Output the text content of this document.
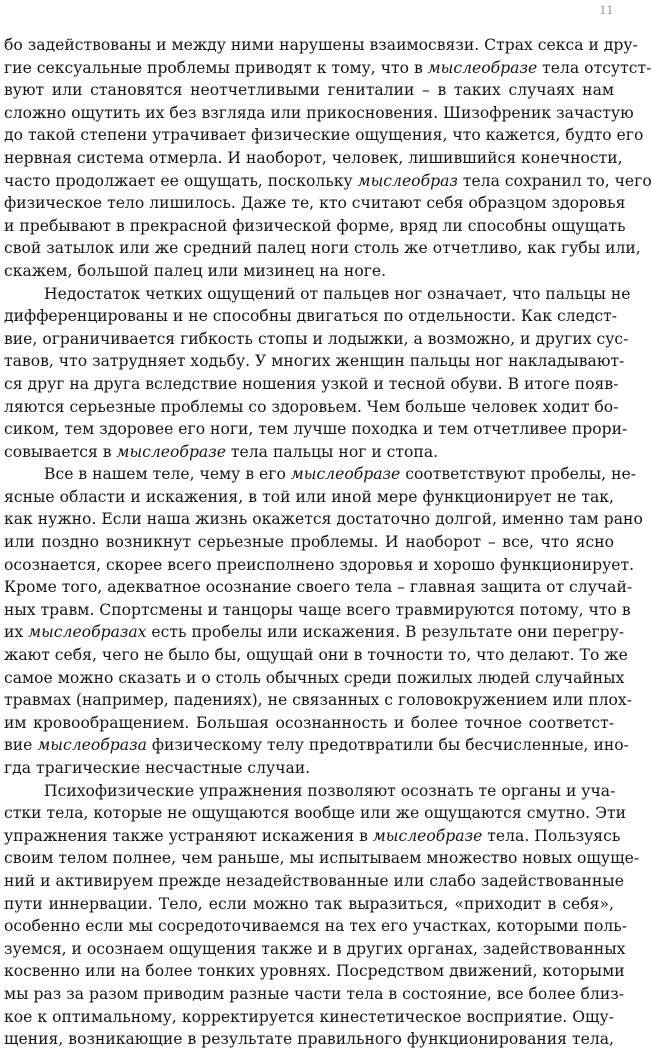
11
бо задействованы и между ними нарушены взаимосвязи. Страх секса и дру-
гие сексуальные проблемы приводят к тому, что в мыслеобразе тела отсутст-
вуют или становятся неотчетливыми гениталии – в таких случаях нам
сложно ощутить их без взгляда или прикосновения. Шизофреник зачастую
до такой степени утрачивает физические ощущения, что кажется, будто его
нервная система отмерла. И наоборот, человек, лишившийся конечности,
часто продолжает ее ощущать, поскольку мыслеобраз тела сохранил то, чего
физическое тело лишилось. Даже те, кто считают себя образцом здоровья
и пребывают в прекрасной физической форме, вряд ли способны ощущать
свой затылок или же средний палец ноги столь же отчетливо, как губы или,
скажем, большой палец или мизинец на ноге.
Недостаток четких ощущений от пальцев ног означает, что пальцы не
дифференцированы и не способны двигаться по отдельности. Как следст-
вие, ограничивается гибкость стопы и лодыжки, а возможно, и других сус-
тавов, что затрудняет ходьбу. У многих женщин пальцы ног накладывают-
ся друг на друга вследствие ношения узкой и тесной обуви. В итоге появ-
ляются серьезные проблемы со здоровьем. Чем больше человек ходит бо-
сиком, тем здоровее его ноги, тем лучше походка и тем отчетливее прори-
совывается в мыслеобразе тела пальцы ног и стопа.
Все в нашем теле, чему в его мыслеобразе соответствуют пробелы, не-
ясные области и искажения, в той или иной мере функционирует не так,
как нужно. Если наша жизнь окажется достаточно долгой, именно там рано
или поздно возникнут серьезные проблемы. И наоборот – все, что ясно
осознается, скорее всего преисполнено здоровья и хорошо функционирует.
Кроме того, адекватное осознание своего тела – главная защита от случай-
ных травм. Спортсмены и танцоры чаще всего травмируются потому, что в
их мыслеобразах есть пробелы или искажения. В результате они перегру-
жают себя, чего не было бы, ощущай они в точности то, что делают. То же
самое можно сказать и о столь обычных среди пожилых людей случайных
травмах (например, падениях), не связанных с головокружением или плох-
им кровообращением. Большая осознанность и более точное соответст-
вие мыслеобраза физическому телу предотвратили бы бесчисленные, ино-
гда трагические несчастные случаи.
Психофизические упражнения позволяют осознать те органы и уча-
стки тела, которые не ощущаются вообще или же ощущаются смутно. Эти
упражнения также устраняют искажения в мыслеобразе тела. Пользуясь
своим телом полнее, чем раньше, мы испытываем множество новых ощуще-
ний и активируем прежде незадействованные или слабо задействованные
пути иннервации. Тело, если можно так выразиться, «приходит в себя»,
особенно если мы сосредоточиваемся на тех его участках, которыми поль-
зуемся, и осознаем ощущения также и в других органах, задействованных
косвенно или на более тонких уровнях. Посредством движений, которыми
мы раз за разом приводим разные части тела в состояние, все более близ-
кое к оптимальному, корректируется кинестетическое восприятие. Ощу-
щения, возникающие в результате правильного функционирования тела,
